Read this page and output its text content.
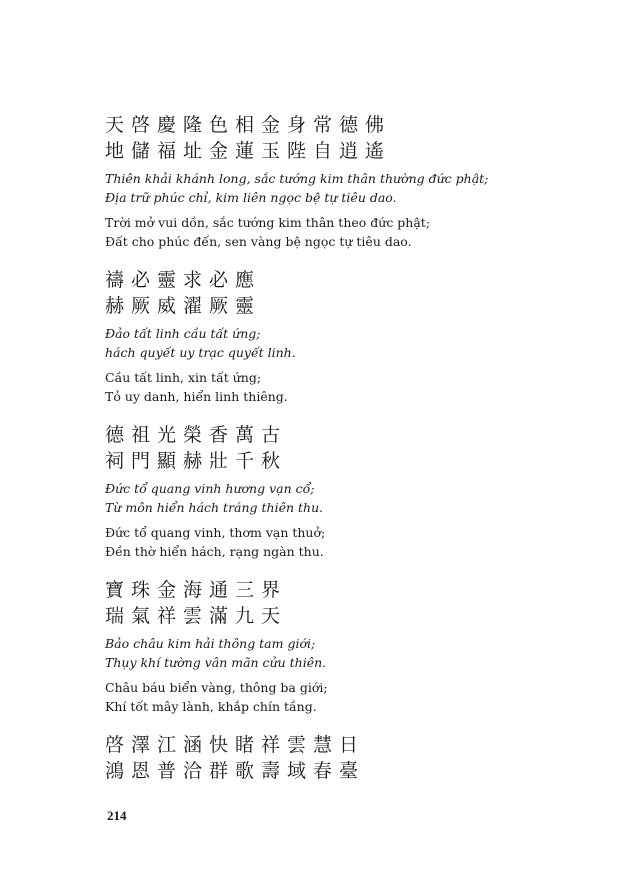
天啓慶隆色相金身常德佛

地儲福址金蓮玉陛自逍遙

Thiên khải khánh long, sắc tướng kim thân thường đức phật;

Địa trữ phúc chỉ, kim liên ngọc bệ tự tiêu dao.

Trời mở vui dồn, sắc tướng kim thân theo đức phật;

Đất cho phúc đến, sen vàng bệ ngọc tự tiêu dao.

禱必靈求必應

赫厥威濯厥靈

Đảo tất linh cầu tất ứng;

hách quyết uy trạc quyết linh.

Cầu tất linh, xin tất ứng;

Tỏ uy danh, hiển linh thiêng.

德祖光榮香萬古

祠門顯赫壯千秋

Đức tổ quang vinh hương vạn cổ;

Từ môn hiển hách tráng thiên thu.

Đức tổ quang vinh, thơm vạn thuở;

Đền thờ hiển hách, rạng ngàn thu.

寶珠金海通三界

瑞氣祥雲滿九天

Bảo châu kim hải thông tam giới;

Thụy khí tường vân mãn cửu thiên.

Châu báu biển vàng, thông ba giới;

Khí tốt mây lành, khắp chín tầng.

啓澤江涵快睹祥雲慧日

鴻恩普洽群歌壽域春臺

214
